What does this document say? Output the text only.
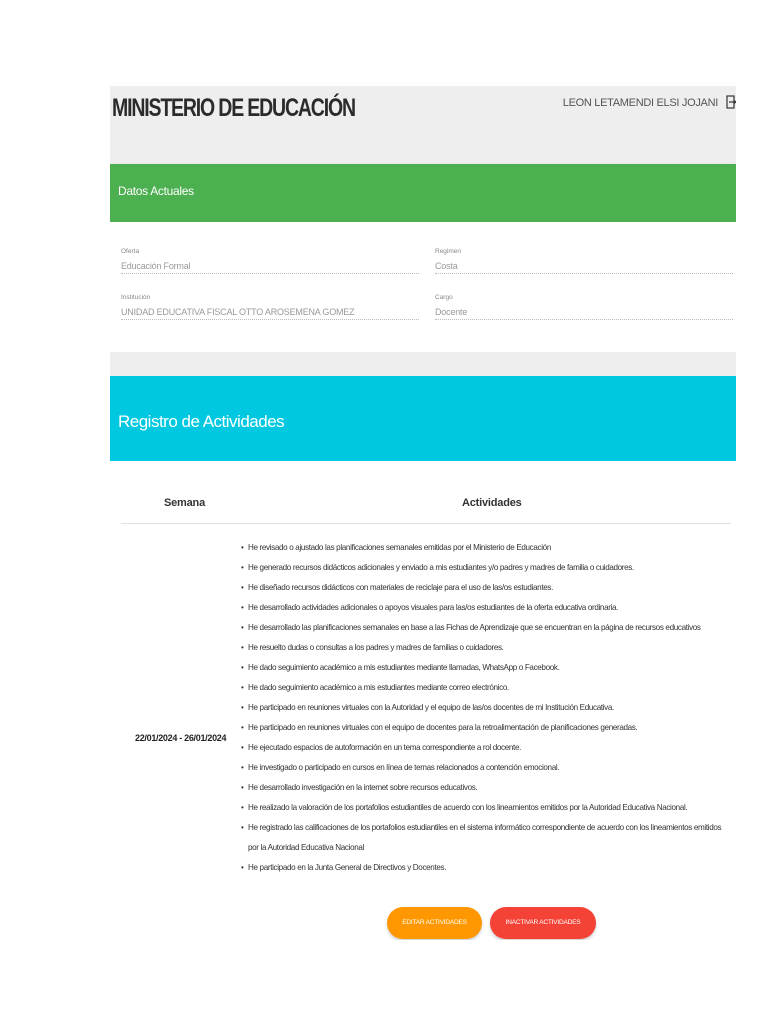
MINISTERIO DE EDUCACIÓN	LEON LETAMENDI ELSI JOJANI
Datos Actuales
Oferta
Educación Formal
Regimen
Costa
Institución
UNIDAD EDUCATIVA FISCAL OTTO AROSEMENA GOMEZ
Cargo
Docente
Registro de Actividades
Semana	Actividades
22/01/2024 - 26/01/2024
• He revisado o ajustado las planificaciones semanales emitidas por el Ministerio de Educación
• He generado recursos didácticos adicionales y enviado a mis estudiantes y/o padres y madres de familia o cuidadores.
• He diseñado recursos didácticos con materiales de reciclaje para el uso de las/os estudiantes.
• He desarrollado actividades adicionales o apoyos visuales para las/os estudiantes de la oferta educativa ordinaria.
• He desarrollado las planificaciones semanales en base a las Fichas de Aprendizaje que se encuentran en la página de recursos educativos
• He resuelto dudas o consultas a los padres y madres de familias o cuidadores.
• He dado seguimiento académico a mis estudiantes mediante llamadas, WhatsApp o Facebook.
• He dado seguimiento académico a mis estudiantes mediante correo electrónico.
• He participado en reuniones virtuales con la Autoridad y el equipo de las/os docentes de mi Institución Educativa.
• He participado en reuniones virtuales con el equipo de docentes para la retroalimentación de planificaciones generadas.
• He ejecutado espacios de autoformación en un tema correspondiente a rol docente.
• He investigado o participado en cursos en línea de temas relacionados a contención emocional.
• He desarrollado investigación en la internet sobre recursos educativos.
• He realizado la valoración de los portafolios estudiantiles de acuerdo con los lineamientos emitidos por la Autoridad Educativa Nacional.
• He registrado las calificaciones de los portafolios estudiantiles en el sistema informático correspondiente de acuerdo con los lineamientos emitidos por la Autoridad Educativa Nacional
• He participado en la Junta General de Directivos y Docentes.
EDITAR ACTIVIDADES	INACTIVAR ACTIVIDADES
